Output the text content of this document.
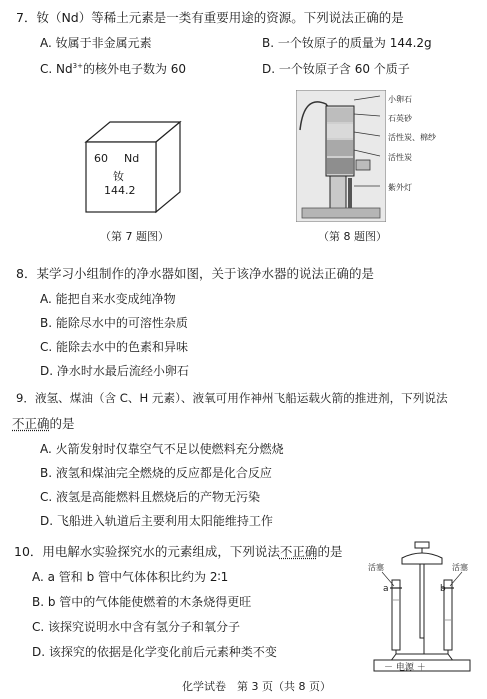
7．钕（Nd）等稀土元素是一类有重要用途的资源。下列说法正确的是
A. 钕属于非金属元素	B. 一个钕原子的质量为 144.2g
C. $Nd^{3+}$的核外电子数为 60	D. 一个钕原子含 60 个质子
60 Nd
钕
144.2
（第 7 题图）
小卵石
石英砂
活性炭、棉纱
活性炭
紫外灯
（第 8 题图）
8．某学习小组制作的净水器如图，关于该净水器的说法正确的是
A. 能把自来水变成纯净物
B. 能除尽水中的可溶性杂质
C. 能除去水中的色素和异味
D. 净水时水最后流经小卵石
9．液氢、煤油（含 C、H 元素）、液氧可用作神州飞船运载火箭的推进剂，下列说法
不正确的是
A. 火箭发射时仅靠空气不足以使燃料充分燃烧
B. 液氢和煤油完全燃烧的反应都是化合反应
C. 液氢是高能燃料且燃烧后的产物无污染
D. 飞船进入轨道后主要利用太阳能维持工作
10．用电解水实验探究水的元素组成，下列说法不正确的是
A. a 管和 b 管中气体体积比约为 2∶1
B. b 管中的气体能使燃着的木条烧得更旺
C. 该探究说明水中含有氢分子和氧分子
D. 该探究的依据是化学变化前后元素种类不变
活塞	活塞
a	b
－ 电源 ＋
化学试卷　第 3 页（共 8 页）
